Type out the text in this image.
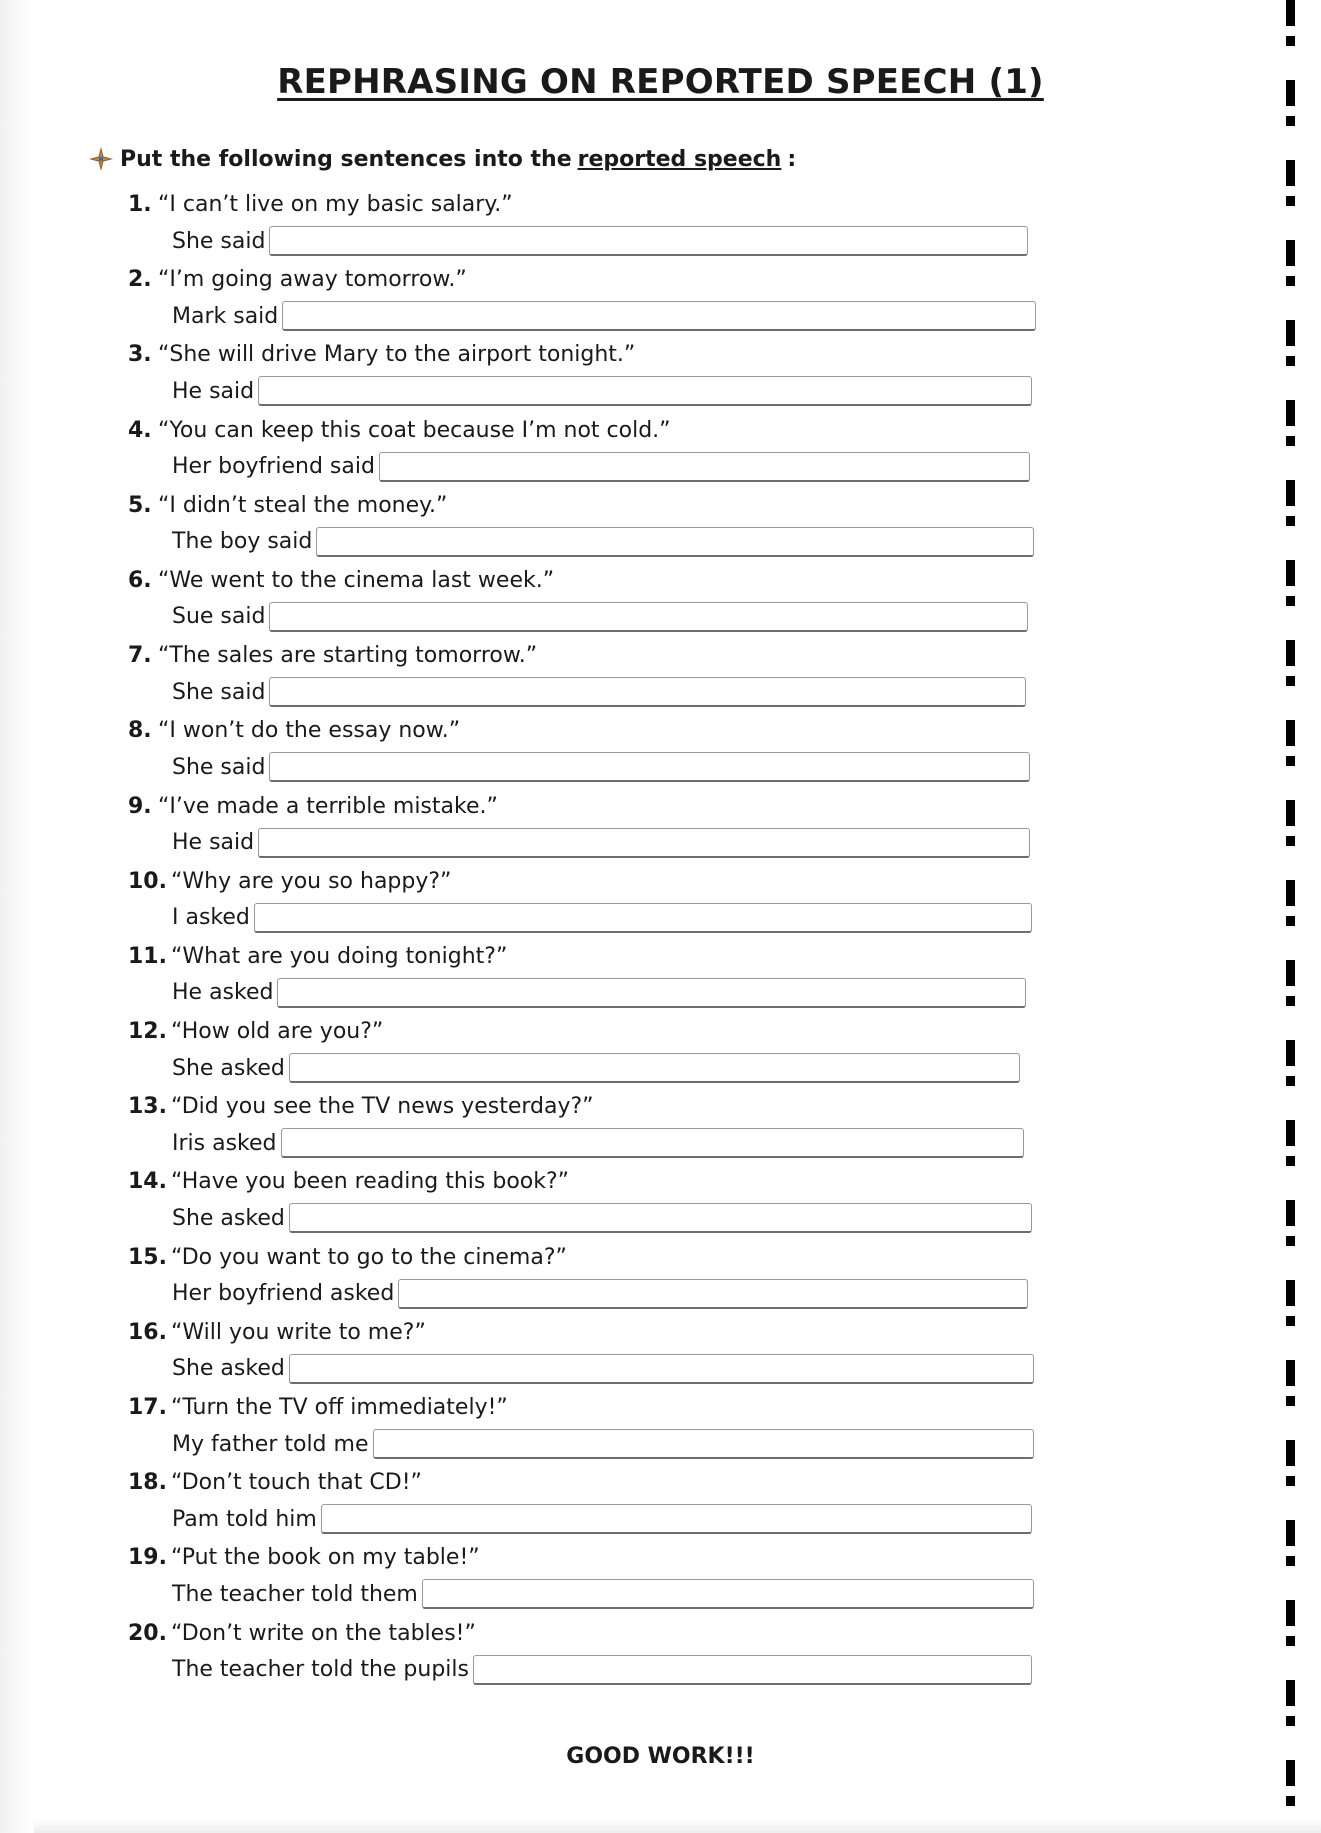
REPHRASING ON REPORTED SPEECH (1)
Put the following sentences into the reported speech :
1. “I can’t live on my basic salary.”
She said
2. “I’m going away tomorrow.”
Mark said
3. “She will drive Mary to the airport tonight.”
He said
4. “You can keep this coat because I’m not cold.”
Her boyfriend said
5. “I didn’t steal the money.”
The boy said
6. “We went to the cinema last week.”
Sue said
7. “The sales are starting tomorrow.”
She said
8. “I won’t do the essay now.”
She said
9. “I’ve made a terrible mistake.”
He said
10. “Why are you so happy?”
I asked
11. “What are you doing tonight?”
He asked
12. “How old are you?”
She asked
13. “Did you see the TV news yesterday?”
Iris asked
14. “Have you been reading this book?”
She asked
15. “Do you want to go to the cinema?”
Her boyfriend asked
16. “Will you write to me?”
She asked
17. “Turn the TV off immediately!”
My father told me
18. “Don’t touch that CD!”
Pam told him
19. “Put the book on my table!”
The teacher told them
20. “Don’t write on the tables!”
The teacher told the pupils
GOOD WORK!!!
